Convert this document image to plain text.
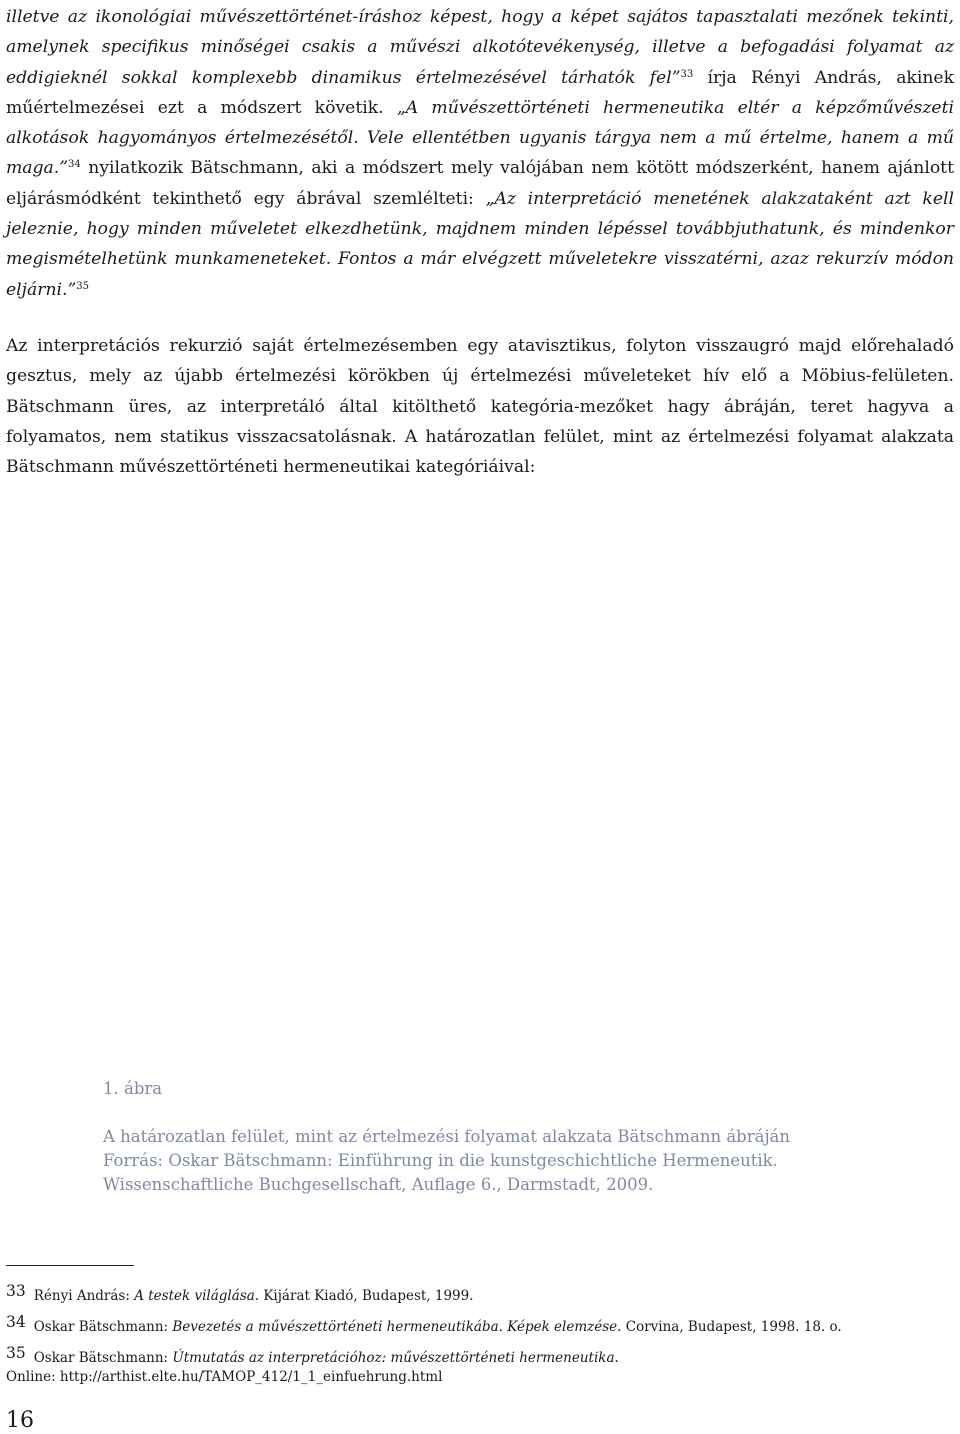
illetve az ikonológiai művészettörténet-íráshoz képest, hogy a képet sajátos tapasztalati mezőnek tekinti, amelynek specifikus minőségei csakis a művészi alkotótevékenység, illetve a befogadási folyamat az eddigieknél sokkal komplexebb dinamikus értelmezésével tárhatók fel”$^{33}$ írja Rényi András, akinek műértelmezései ezt a módszert követik. „A művészettörténeti hermeneutika eltér a képzőművészeti alkotások hagyományos értelmezésétől. Vele ellentétben ugyanis tárgya nem a mű értelme, hanem a mű maga.”$^{34}$ nyilatkozik Bätschmann, aki a módszert mely valójában nem kötött módszerként, hanem ajánlott eljárásmódként tekinthető egy ábrával szemlélteti: „Az interpretáció menetének alakzataként azt kell jeleznie, hogy minden műveletet elkezdhetünk, majdnem minden lépéssel továbbjuthatunk, és mindenkor megismételhetünk munkameneteket. Fontos a már elvégzett műveletekre visszatérni, azaz rekurzív módon eljárni.”$^{35}$

Az interpretációs rekurzió saját értelmezésemben egy atavisztikus, folyton visszaugró majd előrehaladó gesztus, mely az újabb értelmezési körökben új értelmezési műveleteket hív elő a Möbius-felületen. Bätschmann üres, az interpretáló által kitölthető kategória-mezőket hagy ábráján, teret hagyva a folyamatos, nem statikus visszacsatolásnak. A határozatlan felület, mint az értelmezési folyamat alakzata Bätschmann művészettörténeti hermeneutikai kategóriáival:

1. ábra
A határozatlan felület, mint az értelmezési folyamat alakzata Bätschmann ábráján
Forrás: Oskar Bätschmann: Einführung in die kunstgeschichtliche Hermeneutik.
Wissenschaftliche Buchgesellschaft, Auflage 6., Darmstadt, 2009.

33 Rényi András: A testek világlása. Kijárat Kiadó, Budapest, 1999.

34 Oskar Bätschmann: Bevezetés a művészettörténeti hermeneutikába. Képek elemzése. Corvina, Budapest, 1998. 18. o.

35 Oskar Bätschmann: Útmutatás az interpretációhoz: művészettörténeti hermeneutika.
Online: http://arthist.elte.hu/TAMOP_412/1_1_einfuehrung.html

16
